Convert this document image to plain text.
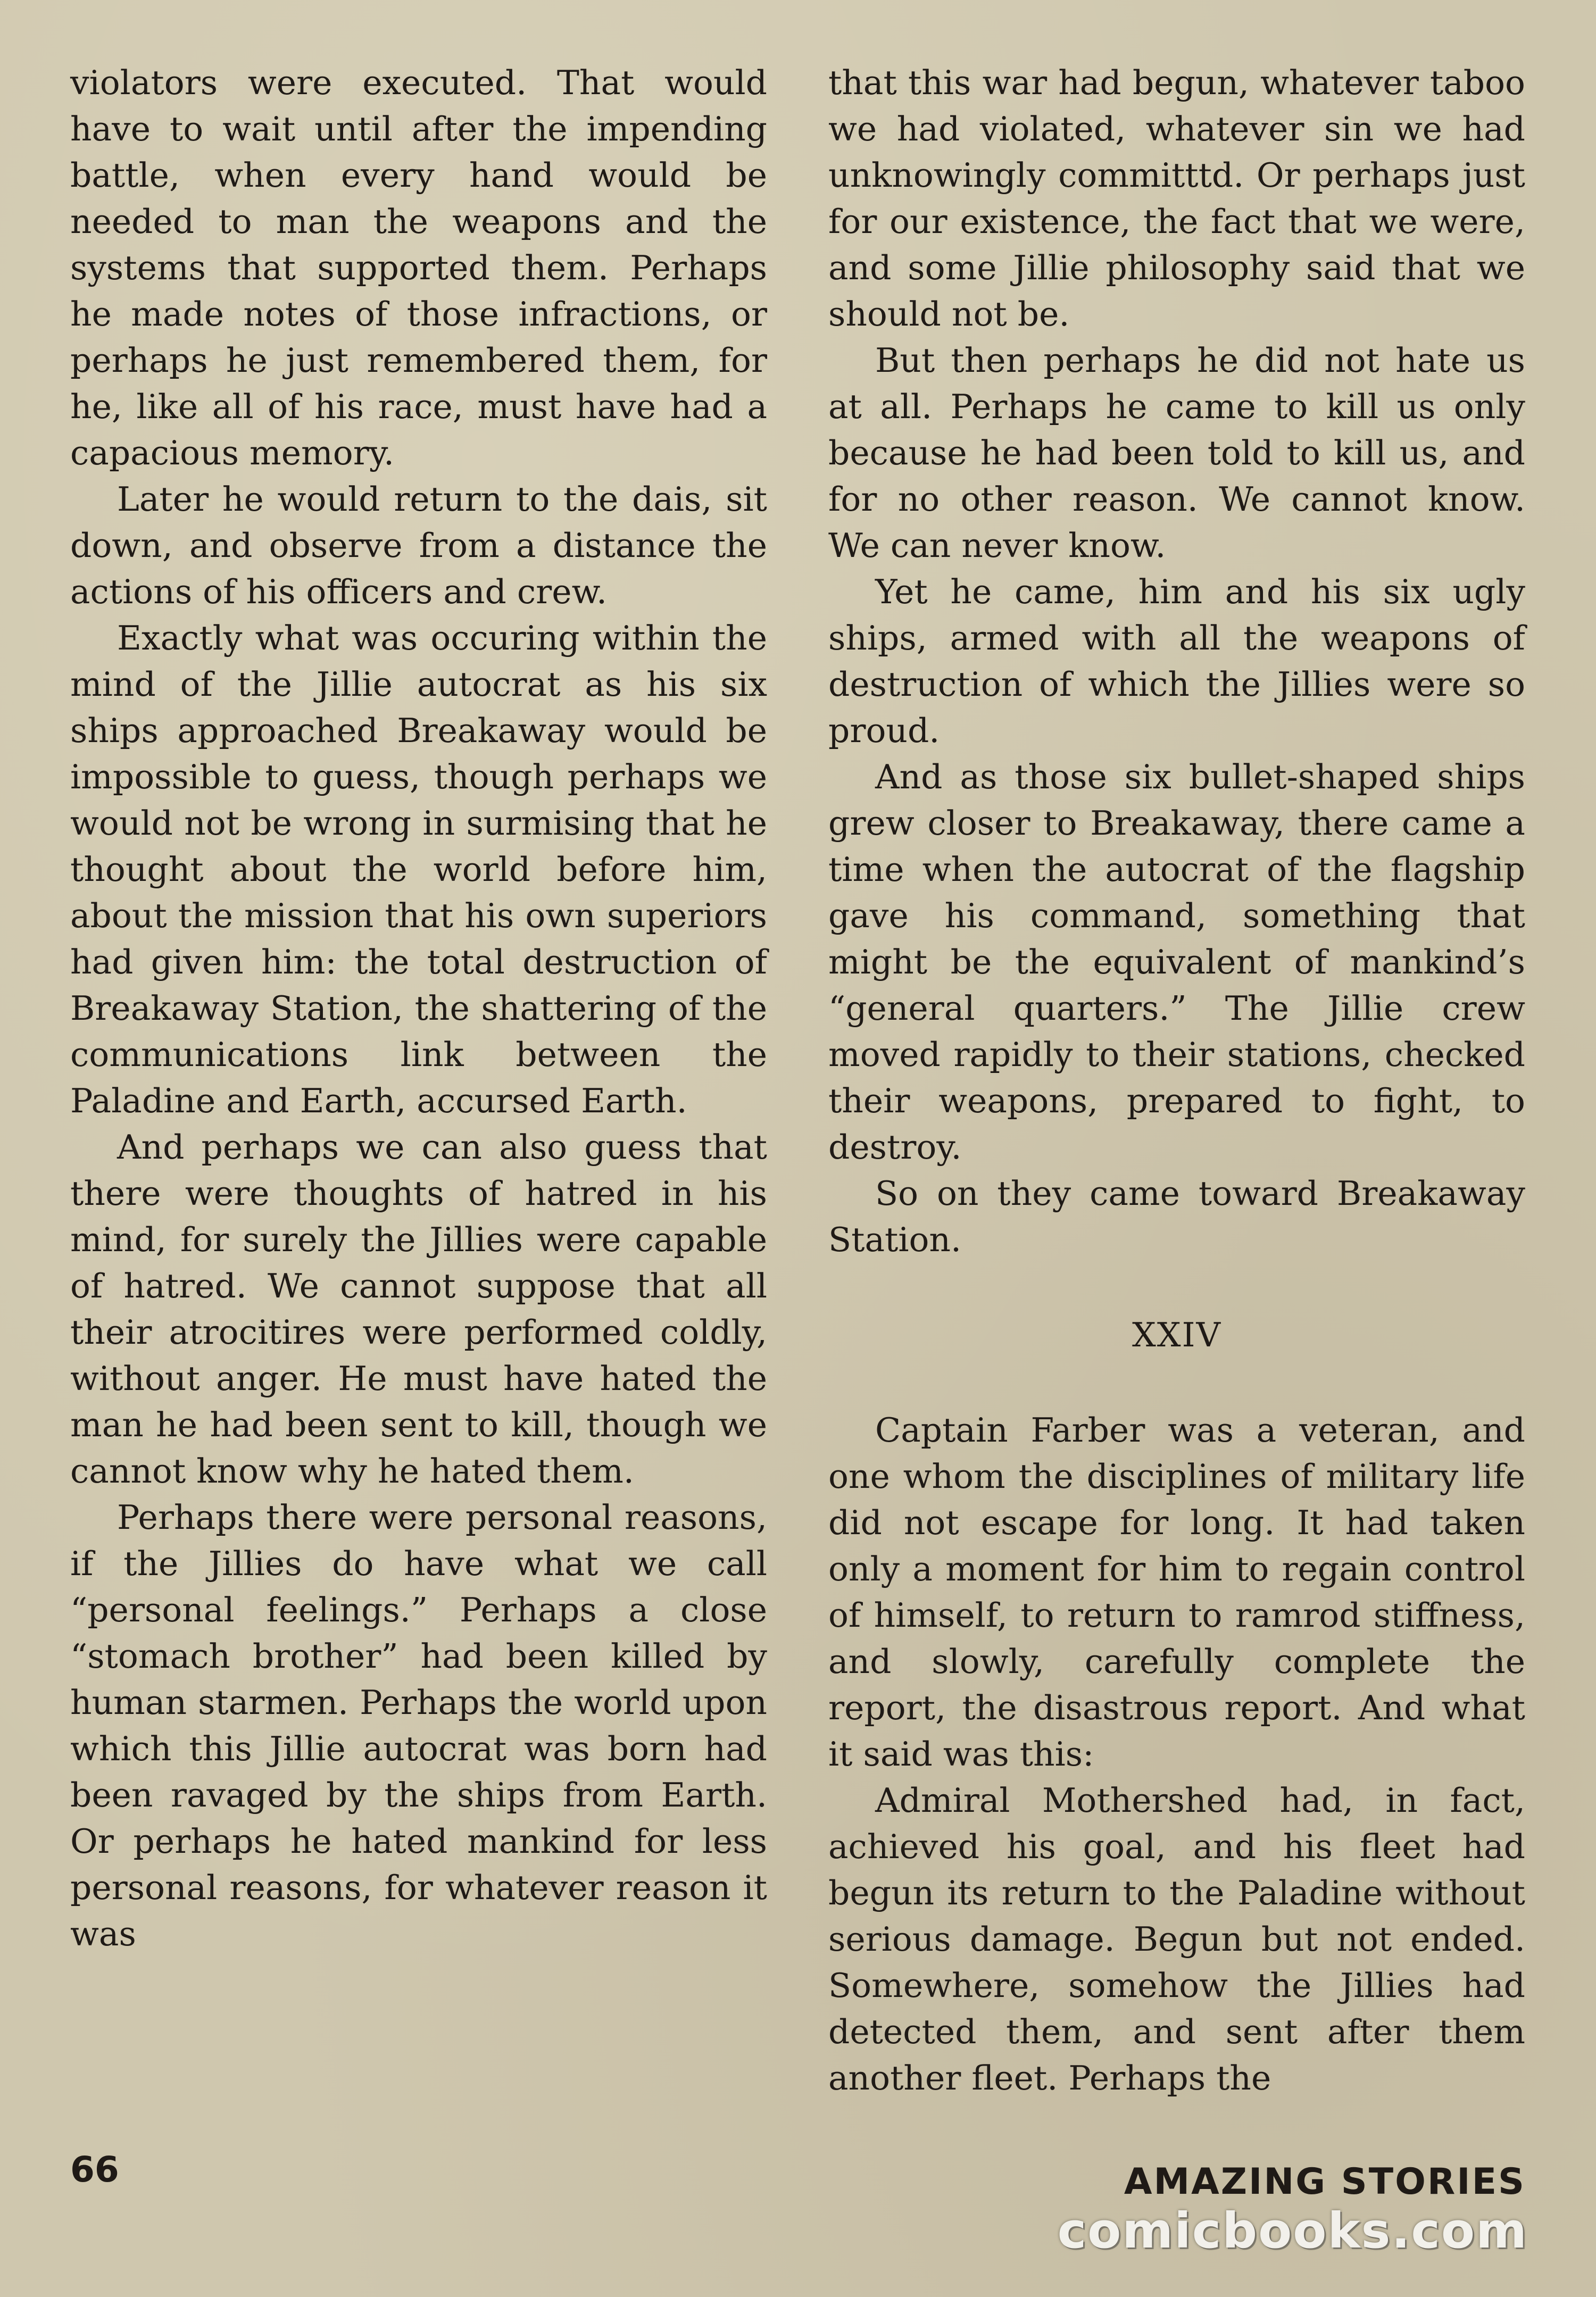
violators were executed. That would have to wait until after the impending battle, when every hand would be needed to man the weapons and the systems that supported them. Perhaps he made notes of those infractions, or perhaps he just remembered them, for he, like all of his race, must have had a capacious memory.

Later he would return to the dais, sit down, and observe from a distance the actions of his officers and crew.

Exactly what was occuring within the mind of the Jillie autocrat as his six ships approached Breakaway would be impossible to guess, though perhaps we would not be wrong in surmising that he thought about the world before him, about the mission that his own superiors had given him: the total destruction of Breakaway Station, the shattering of the communications link between the Paladine and Earth, accursed Earth.

And perhaps we can also guess that there were thoughts of hatred in his mind, for surely the Jillies were capable of hatred. We cannot suppose that all their atrocitires were performed coldly, without anger. He must have hated the man he had been sent to kill, though we cannot know why he hated them.

Perhaps there were personal reasons, if the Jillies do have what we call “personal feelings.” Perhaps a close “stomach brother” had been killed by human starmen. Perhaps the world upon which this Jillie autocrat was born had been ravaged by the ships from Earth. Or perhaps he hated mankind for less personal reasons, for whatever reason it was

that this war had begun, whatever taboo we had violated, whatever sin we had unknowingly committtd. Or perhaps just for our existence, the fact that we were, and some Jillie philosophy said that we should not be.

But then perhaps he did not hate us at all. Perhaps he came to kill us only because he had been told to kill us, and for no other reason. We cannot know. We can never know.

Yet he came, him and his six ugly ships, armed with all the weapons of destruction of which the Jillies were so proud.

And as those six bullet-shaped ships grew closer to Breakaway, there came a time when the autocrat of the flagship gave his command, something that might be the equivalent of mankind’s “general quarters.” The Jillie crew moved rapidly to their stations, checked their weapons, prepared to fight, to destroy.

So on they came toward Breakaway Station.

XXIV

Captain Farber was a veteran, and one whom the disciplines of military life did not escape for long. It had taken only a moment for him to regain control of himself, to return to ramrod stiffness, and slowly, carefully complete the report, the disastrous report. And what it said was this:

Admiral Mothershed had, in fact, achieved his goal, and his fleet had begun its return to the Paladine without serious damage. Begun but not ended. Somewhere, somehow the Jillies had detected them, and sent after them another fleet. Perhaps the

66	AMAZING STORIES
comicbooks.com
